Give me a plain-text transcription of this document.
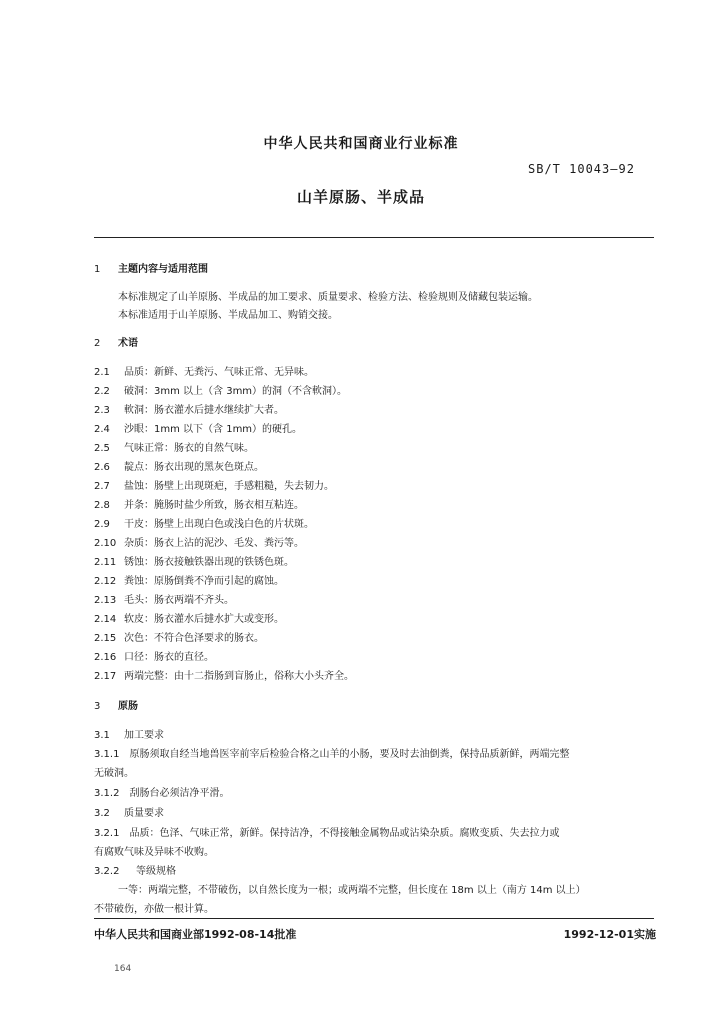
中华人民共和国商业行业标准
SB/T 10043—92
山羊原肠、半成品
1 主题内容与适用范围
本标准规定了山羊原肠、半成品的加工要求、质量要求、检验方法、检验规则及储藏包装运输。
本标准适用于山羊原肠、半成品加工、购销交接。
2 术语
2.1 品质：新鲜、无粪污、气味正常、无异味。
2.2 破洞：3mm 以上（含 3mm）的洞（不含軟洞）。
2.3 軟洞：肠衣灌水后撻水继续扩大者。
2.4 沙眼：1mm 以下（含 1mm）的硬孔。
2.5 气味正常：肠衣的自然气味。
2.6 靛点：肠衣出现的黑灰色斑点。
2.7 盐蚀：肠壁上出现斑疤，手感粗糙，失去韧力。
2.8 并条：腌肠时盐少所致，肠衣相互粘连。
2.9 干皮：肠壁上出现白色或浅白色的片状斑。
2.10 杂质：肠衣上沾的泥沙、毛发、粪污等。
2.11 锈蚀：肠衣接触铁器出现的铁锈色斑。
2.12 粪蚀：原肠倒粪不净而引起的腐蚀。
2.13 毛头：肠衣两端不齐头。
2.14 软皮：肠衣灌水后撻水扩大或变形。
2.15 次色：不符合色泽要求的肠衣。
2.16 口径：肠衣的直径。
2.17 两端完整：由十二指肠到盲肠止，俗称大小头齐全。
3 原肠
3.1 加工要求
3.1.1　原肠须取自经当地兽医宰前宰后检验合格之山羊的小肠，要及时去油倒粪，保持品质新鲜，两端完整
无破洞。
3.1.2　刮肠台必须洁净平滑。
3.2 质量要求
3.2.1　品质：色泽、气味正常，新鲜。保持洁净，不得接触金属物品或沾染杂质。腐败变质、失去拉力或
有腐败气味及异味不收购。
3.2.2 等级规格
一等：两端完整，不带破伤，以自然长度为一根；或两端不完整，但长度在 18m 以上（南方 14m 以上）
不带破伤，亦做一根计算。
中华人民共和国商业部1992-08-14批准	1992-12-01实施
164
